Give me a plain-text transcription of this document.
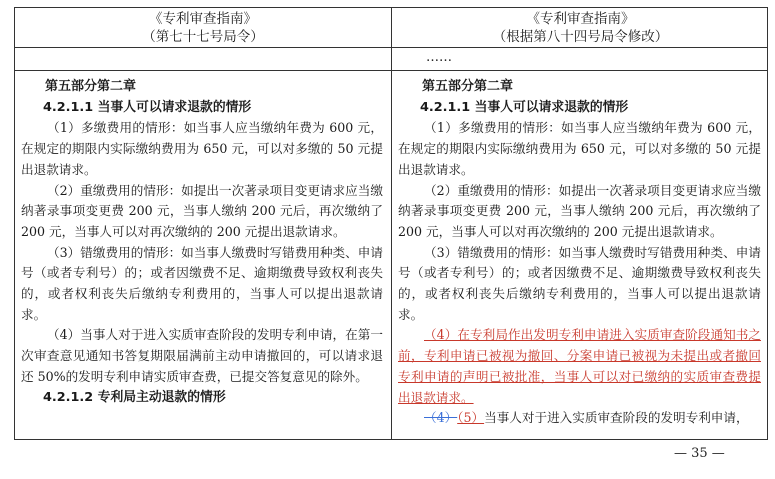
《专利审查指南》
（第七十七号局令）

第五部分第二章

4.2.1.1 当事人可以请求退款的情形

（1）多缴费用的情形：如当事人应当缴纳年费为 600 元，在规定的期限内实际缴纳费用为 650 元，可以对多缴的 50 元提出退款请求。

（2）重缴费用的情形：如提出一次著录项目变更请求应当缴纳著录事项变更费 200 元，当事人缴纳 200 元后，再次缴纳了 200 元，当事人可以对再次缴纳的 200 元提出退款请求。

（3）错缴费用的情形：如当事人缴费时写错费用种类、申请号（或者专利号）的；或者因缴费不足、逾期缴费导致权利丧失的，或者权利丧失后缴纳专利费用的，当事人可以提出退款请求。

（4）当事人对于进入实质审查阶段的发明专利申请，在第一次审查意见通知书答复期限届满前主动申请撤回的，可以请求退还 50%的发明专利申请实质审查费，已提交答复意见的除外。

4.2.1.2 专利局主动退款的情形

《专利审查指南》
（根据第八十四号局令修改）
……

第五部分第二章

4.2.1.1 当事人可以请求退款的情形

（1）多缴费用的情形：如当事人应当缴纳年费为 600 元，在规定的期限内实际缴纳费用为 650 元，可以对多缴的 50 元提出退款请求。

（2）重缴费用的情形：如提出一次著录项目变更请求应当缴纳著录事项变更费 200 元，当事人缴纳 200 元后，再次缴纳了 200 元，当事人可以对再次缴纳的 200 元提出退款请求。

（3）错缴费用的情形：如当事人缴费时写错费用种类、申请号（或者专利号）的；或者因缴费不足、逾期缴费导致权利丧失的，或者权利丧失后缴纳专利费用的，当事人可以提出退款请求。

（4）在专利局作出发明专利申请进入实质审查阶段通知书之前，专利申请已被视为撤回、分案申请已被视为未提出或者撤回专利申请的声明已被批准，当事人可以对已缴纳的实质审查费提出退款请求。

（4）（5）当事人对于进入实质审查阶段的发明专利申请，

— 35 —
